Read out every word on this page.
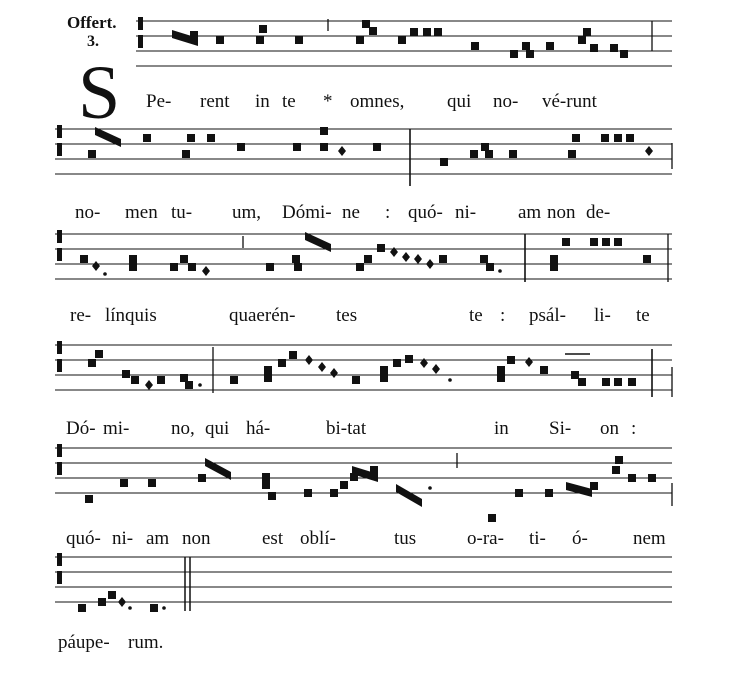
Offert.
3.
S Pe- rent in te * omnes, qui no- vé-runt
no- men tu- um, Dómi- ne : quó- ni- am non de-
re- línquis	quaerén- tes	te : psál- li- te
Dó- mi- no, qui há-	bi-tat	in Si- on :
quó- ni- am non	est oblí-	tus	o-ra- ti- ó- nem
páupe- rum.
